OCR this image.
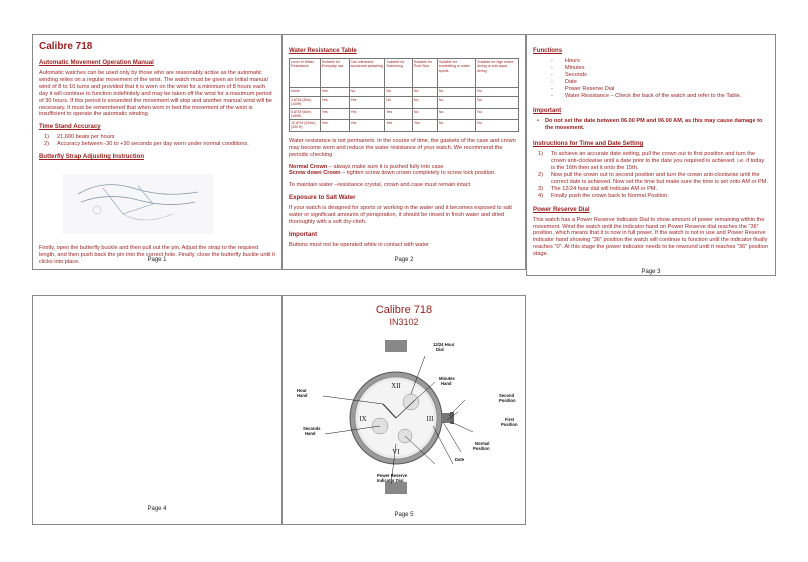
Calibre 718
Automatic Movement Operation Manual
Automatic watches can be used only by those who are reasonably active as the automatic winding relies on a regular movement of the wrist. The watch must be given an initial manual wind of 8 to 10 turns and provided that it is worn on the wrist for a minimum of 8 hours each day it will continue to function indefinitely and may be taken off the wrist for a maximum period of 30 hours. If this period is exceeded the movement will stop and another manual wind will be necessary. It must be remembered that when worn in bed the movement of the wrist is insufficient to operate the automatic winding.
Time Stand Accuracy
1)	21,600 beats per hours
2)	Accuracy between -30 to +30 seconds per day worn under normal conditions.
Butterfly Strap Adjusting Instruction
Firstly, open the butterfly buckle and then pull out the pin. Adjust the strap to the required length, and then push back the pin into the correct hole. Finally, close the butterfly buckle until it clicks into place.	Page 1
Water Resistance Table
Level of Water Resistance	Suitable for Everyday use	Can withstand accidental splashing	Suitable for Swimming	Suitable for Pool Size	Suitable for snorkelling or water sports	Suitable for high board diving or sub-aqua diving
None	Yes	No	No	No	No	No
3 ATM (30m) (100ft)	Yes	Yes	No	No	No	No
5 ATM (50m) (165ft)	Yes	Yes	Yes	No	No	No
10 ATM (100m) (330 ft)	Yes	Yes	Yes	Yes	No	No
Water resistance is not permanent. In the course of time, the gaskets of the case and crown may become worn and reduce the water resistance of your watch. We recommend the periodic checking
Normal Crown – always make sure it is pushed fully into case
Screw down Crown – tighten screw down crown completely to screw lock position.
To maintain water –resistance crystal, crown and case must remain intact
Exposure to Salt Water
If your watch is designed for sports or working in the water and it becomes exposed to salt water or significant amounts of perspiration, it should be rinsed in fresh water and dried thoroughly with a soft dry-cloth.
Important
Buttons must not be operated while in contact with water
Page 2
Functions
-	Hours
-	Minutes
-	Seconds
-	Date
-	Power Reserve Dial
-	Water Resistance – Check the back of the watch and refer to the Table.
Important
•	Do not set the date between 06.00 PM and 06.00 AM, as this may cause damage to the movement.
Instructions for Time and Date Setting
1)	To achieve an accurate date setting, pull the crown out to first position and turn the crown anti-clockwise until a date prior to the date you required is achieved. i.e. if today is the 16th then set it onto the 15th.
2)	Now pull the crown out to second position and turn the crown anti-clockwise until the correct date is achieved. Now set the time but make sure the time is set onto AM or PM.
3)	The 12/24 hour dial will indicate AM or PM.
4)	Finally push the crown back to Normal Position.
Power Reserve Dial
This watch has a Power Reserve Indicator Dial to show amount of power remaining within the movement. Wind the watch until the indicator hand on Power Reserve dial reaches the "36" position, which means that it is now in full power. If the watch is not in use and Power Reserve indicator hand showing "36" position the watch will continue to function until the indicator finally reaches "0". At this stage the power indicator needs to be rewound until it reaches "36" position stage.
Page 3
Page 4
Calibre 718
IN3102
XII
VI
IX	III
12/24 Hour
Dial
Minutes
Hand
Hour
Hand	Second
Position
Seconds
Hand
First
Position
Normal
Position
Date
Power Reserve
Indicator Dial
Page 5
